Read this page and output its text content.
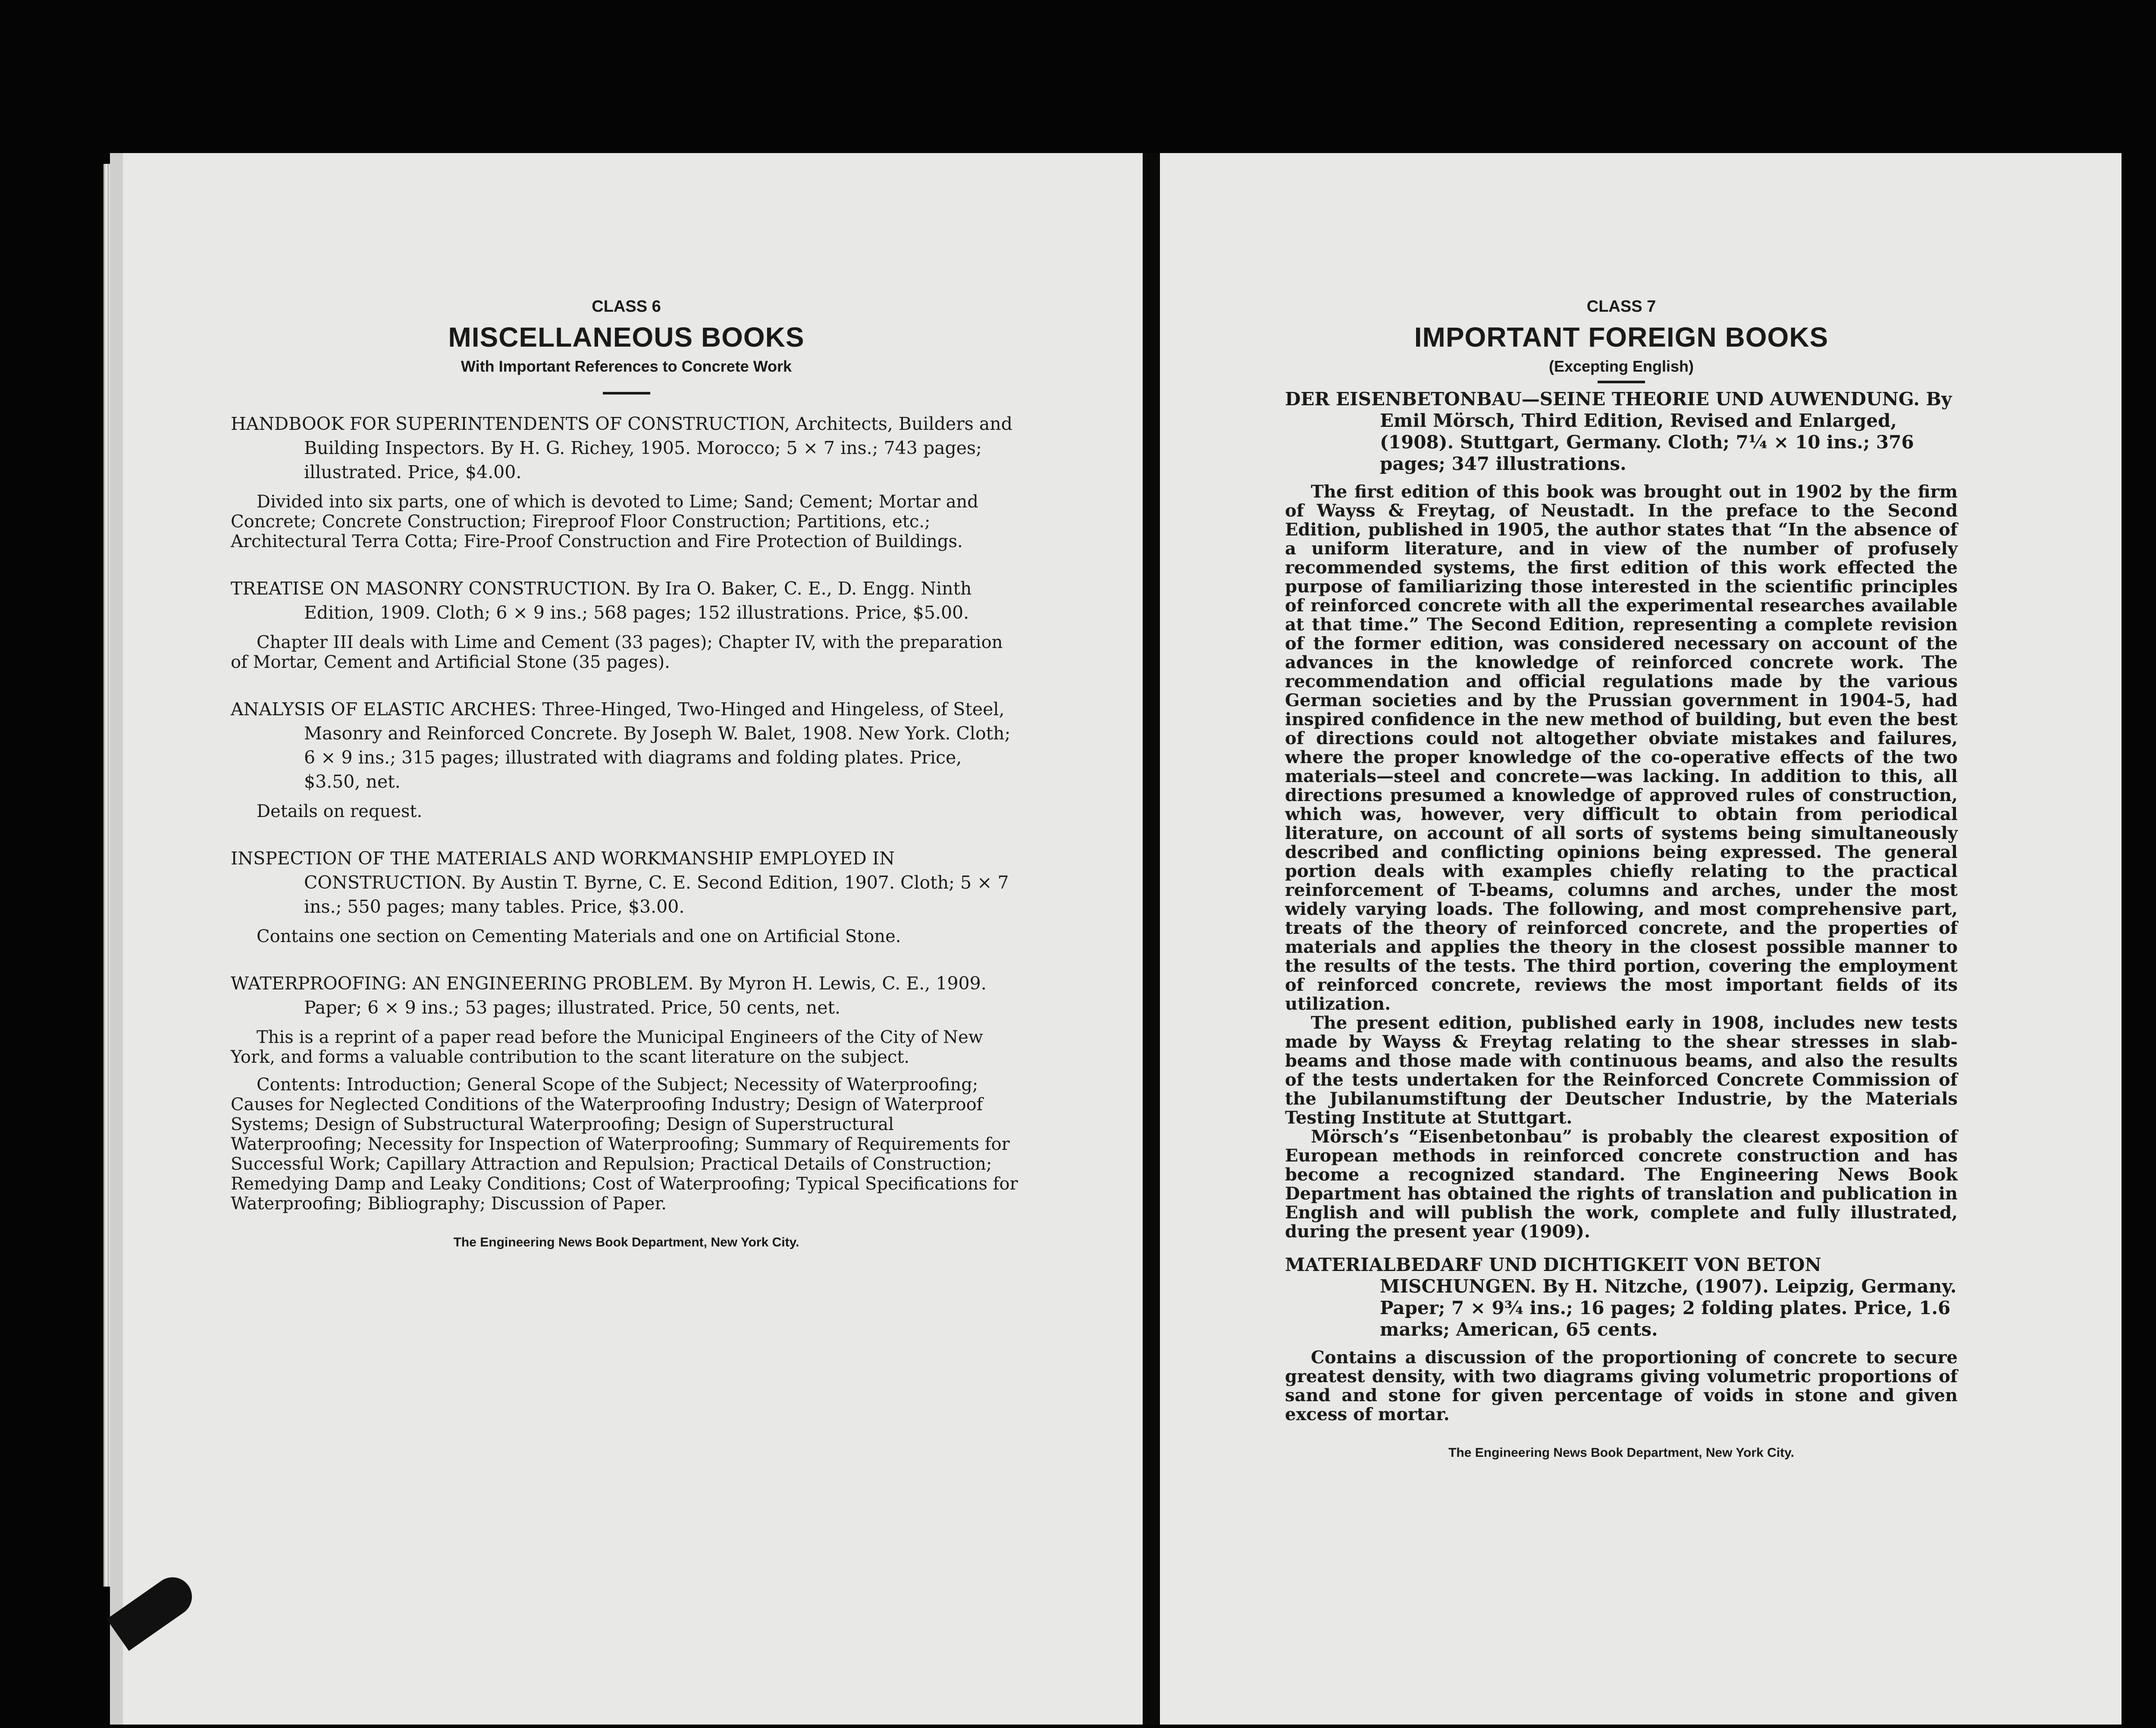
CLASS 6

MISCELLANEOUS BOOKS

With Important References to Concrete Work

HANDBOOK FOR SUPERINTENDENTS OF CONSTRUCTION, Architects, Builders and Building Inspectors. By H. G. Richey, 1905. Morocco; 5 × 7 ins.; 743 pages; illustrated. Price, $4.00.

Divided into six parts, one of which is devoted to Lime; Sand; Cement; Mortar and Concrete; Concrete Construction; Fireproof Floor Construction; Partitions, etc.; Architectural Terra Cotta; Fire-Proof Construction and Fire Protection of Buildings.

TREATISE ON MASONRY CONSTRUCTION. By Ira O. Baker, C. E., D. Engg. Ninth Edition, 1909. Cloth; 6 × 9 ins.; 568 pages; 152 illustrations. Price, $5.00.

Chapter III deals with Lime and Cement (33 pages); Chapter IV, with the preparation of Mortar, Cement and Artificial Stone (35 pages).

ANALYSIS OF ELASTIC ARCHES: Three-Hinged, Two-Hinged and Hingeless, of Steel, Masonry and Reinforced Concrete. By Joseph W. Balet, 1908. New York. Cloth; 6 × 9 ins.; 315 pages; illustrated with diagrams and folding plates. Price, $3.50, net.

Details on request.

INSPECTION OF THE MATERIALS AND WORKMANSHIP EMPLOYED IN CONSTRUCTION. By Austin T. Byrne, C. E. Second Edition, 1907. Cloth; 5 × 7 ins.; 550 pages; many tables. Price, $3.00.

Contains one section on Cementing Materials and one on Artificial Stone.

WATERPROOFING: AN ENGINEERING PROBLEM. By Myron H. Lewis, C. E., 1909. Paper; 6 × 9 ins.; 53 pages; illustrated. Price, 50 cents, net.

This is a reprint of a paper read before the Municipal Engineers of the City of New York, and forms a valuable contribution to the scant literature on the subject.

Contents: Introduction; General Scope of the Subject; Necessity of Waterproofing; Causes for Neglected Conditions of the Waterproofing Industry; Design of Waterproof Systems; Design of Substructural Waterproofing; Design of Superstructural Waterproofing; Necessity for Inspection of Waterproofing; Summary of Requirements for Successful Work; Capillary Attraction and Repulsion; Practical Details of Construction; Remedying Damp and Leaky Conditions; Cost of Waterproofing; Typical Specifications for Waterproofing; Bibliography; Discussion of Paper.

The Engineering News Book Department, New York City.

CLASS 7

IMPORTANT FOREIGN BOOKS

(Excepting English)

DER EISENBETONBAU—SEINE THEORIE UND AUWENDUNG. By Emil Mörsch, Third Edition, Revised and Enlarged, (1908). Stuttgart, Germany. Cloth; 7¼ × 10 ins.; 376 pages; 347 illustrations.

The first edition of this book was brought out in 1902 by the firm of Wayss & Freytag, of Neustadt. In the preface to the Second Edition, published in 1905, the author states that “In the absence of a uniform literature, and in view of the number of profusely recommended systems, the first edition of this work effected the purpose of familiarizing those interested in the scientific principles of reinforced concrete with all the experimental researches available at that time.” The Second Edition, representing a complete revision of the former edition, was considered necessary on account of the advances in the knowledge of reinforced concrete work. The recommendation and official regulations made by the various German societies and by the Prussian government in 1904-5, had inspired confidence in the new method of building, but even the best of directions could not altogether obviate mistakes and failures, where the proper knowledge of the co-operative effects of the two materials—steel and concrete—was lacking. In addition to this, all directions presumed a knowledge of approved rules of construction, which was, however, very difficult to obtain from periodical literature, on account of all sorts of systems being simultaneously described and conflicting opinions being expressed. The general portion deals with examples chiefly relating to the practical reinforcement of T-beams, columns and arches, under the most widely varying loads. The following, and most comprehensive part, treats of the theory of reinforced concrete, and the properties of materials and applies the theory in the closest possible manner to the results of the tests. The third portion, covering the employment of reinforced concrete, reviews the most important fields of its utilization.

The present edition, published early in 1908, includes new tests made by Wayss & Freytag relating to the shear stresses in slab-beams and those made with continuous beams, and also the results of the tests undertaken for the Reinforced Concrete Commission of the Jubilanumstiftung der Deutscher Industrie, by the Materials Testing Institute at Stuttgart.

Mörsch’s “Eisenbetonbau” is probably the clearest exposition of European methods in reinforced concrete construction and has become a recognized standard. The Engineering News Book Department has obtained the rights of translation and publication in English and will publish the work, complete and fully illustrated, during the present year (1909).

MATERIALBEDARF UND DICHTIGKEIT VON BETON MISCHUNGEN. By H. Nitzche, (1907). Leipzig, Germany. Paper; 7 × 9¾ ins.; 16 pages; 2 folding plates. Price, 1.6 marks; American, 65 cents.

Contains a discussion of the proportioning of concrete to secure greatest density, with two diagrams giving volumetric proportions of sand and stone for given percentage of voids in stone and given excess of mortar.

The Engineering News Book Department, New York City.
